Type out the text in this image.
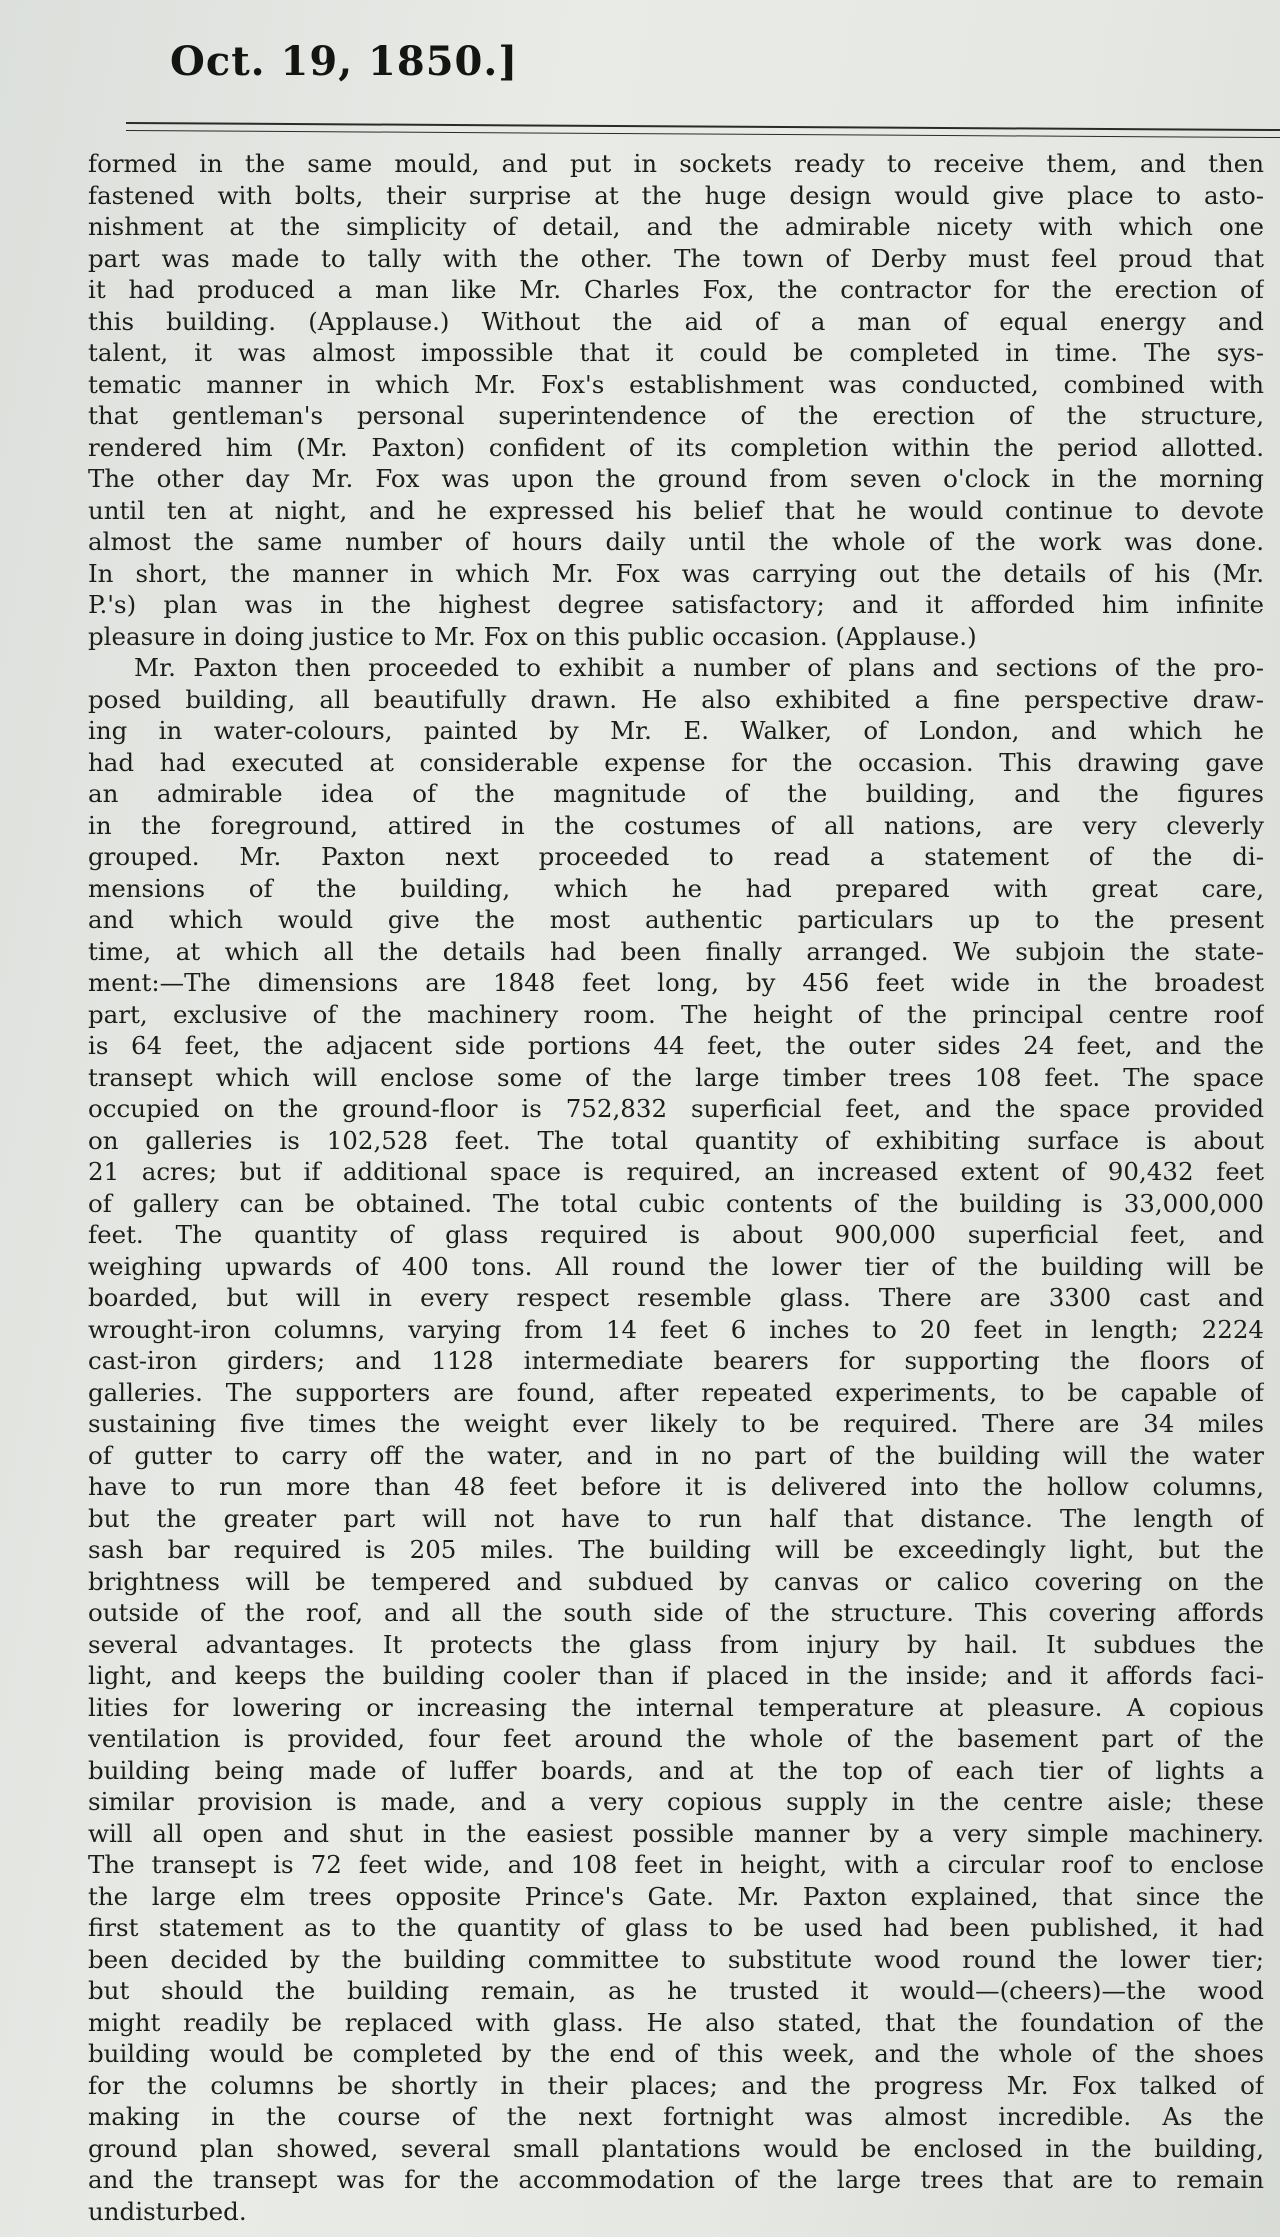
Oct. 19, 1850.]
formed in the same mould, and put in sockets ready to receive them, and then
fastened with bolts, their surprise at the huge design would give place to asto-
nishment at the simplicity of detail, and the admirable nicety with which one
part was made to tally with the other. The town of Derby must feel proud that
it had produced a man like Mr. Charles Fox, the contractor for the erection of
this building. (Applause.) Without the aid of a man of equal energy and
talent, it was almost impossible that it could be completed in time. The sys-
tematic manner in which Mr. Fox's establishment was conducted, combined with
that gentleman's personal superintendence of the erection of the structure,
rendered him (Mr. Paxton) confident of its completion within the period allotted.
The other day Mr. Fox was upon the ground from seven o'clock in the morning
until ten at night, and he expressed his belief that he would continue to devote
almost the same number of hours daily until the whole of the work was done.
In short, the manner in which Mr. Fox was carrying out the details of his (Mr.
P.'s) plan was in the highest degree satisfactory; and it afforded him infinite
pleasure in doing justice to Mr. Fox on this public occasion. (Applause.)
Mr. Paxton then proceeded to exhibit a number of plans and sections of the pro-
posed building, all beautifully drawn. He also exhibited a fine perspective draw-
ing in water-colours, painted by Mr. E. Walker, of London, and which he
had had executed at considerable expense for the occasion. This drawing gave
an admirable idea of the magnitude of the building, and the figures
in the foreground, attired in the costumes of all nations, are very cleverly
grouped. Mr. Paxton next proceeded to read a statement of the di-
mensions of the building, which he had prepared with great care,
and which would give the most authentic particulars up to the present
time, at which all the details had been finally arranged. We subjoin the state-
ment:—The dimensions are 1848 feet long, by 456 feet wide in the broadest
part, exclusive of the machinery room. The height of the principal centre roof
is 64 feet, the adjacent side portions 44 feet, the outer sides 24 feet, and the
transept which will enclose some of the large timber trees 108 feet. The space
occupied on the ground-floor is 752,832 superficial feet, and the space provided
on galleries is 102,528 feet. The total quantity of exhibiting surface is about
21 acres; but if additional space is required, an increased extent of 90,432 feet
of gallery can be obtained. The total cubic contents of the building is 33,000,000
feet. The quantity of glass required is about 900,000 superficial feet, and
weighing upwards of 400 tons. All round the lower tier of the building will be
boarded, but will in every respect resemble glass. There are 3300 cast and
wrought-iron columns, varying from 14 feet 6 inches to 20 feet in length; 2224
cast-iron girders; and 1128 intermediate bearers for supporting the floors of
galleries. The supporters are found, after repeated experiments, to be capable of
sustaining five times the weight ever likely to be required. There are 34 miles
of gutter to carry off the water, and in no part of the building will the water
have to run more than 48 feet before it is delivered into the hollow columns,
but the greater part will not have to run half that distance. The length of
sash bar required is 205 miles. The building will be exceedingly light, but the
brightness will be tempered and subdued by canvas or calico covering on the
outside of the roof, and all the south side of the structure. This covering affords
several advantages. It protects the glass from injury by hail. It subdues the
light, and keeps the building cooler than if placed in the inside; and it affords faci-
lities for lowering or increasing the internal temperature at pleasure. A copious
ventilation is provided, four feet around the whole of the basement part of the
building being made of luffer boards, and at the top of each tier of lights a
similar provision is made, and a very copious supply in the centre aisle; these
will all open and shut in the easiest possible manner by a very simple machinery.
The transept is 72 feet wide, and 108 feet in height, with a circular roof to enclose
the large elm trees opposite Prince's Gate. Mr. Paxton explained, that since the
first statement as to the quantity of glass to be used had been published, it had
been decided by the building committee to substitute wood round the lower tier;
but should the building remain, as he trusted it would—(cheers)—the wood
might readily be replaced with glass. He also stated, that the foundation of the
building would be completed by the end of this week, and the whole of the shoes
for the columns be shortly in their places; and the progress Mr. Fox talked of
making in the course of the next fortnight was almost incredible. As the
ground plan showed, several small plantations would be enclosed in the building,
and the transept was for the accommodation of the large trees that are to remain
undisturbed.
